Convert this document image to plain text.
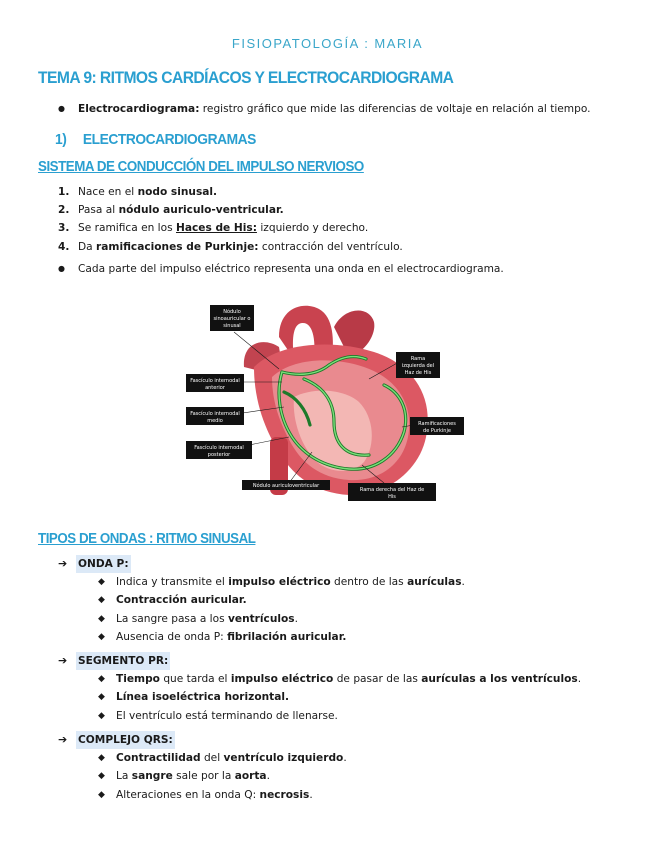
FISIOPATOLOGÍA : MARIA
TEMA 9: RITMOS CARDÍACOS Y ELECTROCARDIOGRAMA
●	Electrocardiograma: registro gráfico que mide las diferencias de voltaje en relación al tiempo.
1) ELECTROCARDIOGRAMAS
SISTEMA DE CONDUCCIÓN DEL IMPULSO NERVIOSO
1. Nace en el nodo sinusal.
2. Pasa al nódulo auriculo-ventricular.
3. Se ramifica en los Haces de His: izquierdo y derecho.
4. Da ramificaciones de Purkinje: contracción del ventrículo.
●	Cada parte del impulso eléctrico representa una onda en el electrocardiograma.
Nódulo
sinoauricular o
sinusal
Fascículo internodal
anterior
Fascículo internodal
medio
Fascículo internodal
posterior
Nódulo auriculoventricular
Rama
izquierda del
Haz de His
Ramificaciones
de Purkinje
Rama derecha del Haz de
His
TIPOS DE ONDAS : RITMO SINUSAL
➔	ONDA P:
◆	Indica y transmite el impulso eléctrico dentro de las aurículas.
◆	Contracción auricular.
◆	La sangre pasa a los ventrículos.
◆	Ausencia de onda P: fibrilación auricular.
➔	SEGMENTO PR:
◆	Tiempo que tarda el impulso eléctrico de pasar de las aurículas a los ventrículos.
◆	Línea isoeléctrica horizontal.
◆	El ventrículo está terminando de llenarse.
➔	COMPLEJO QRS:
◆	Contractilidad del ventrículo izquierdo.
◆	La sangre sale por la aorta.
◆	Alteraciones en la onda Q: necrosis.
